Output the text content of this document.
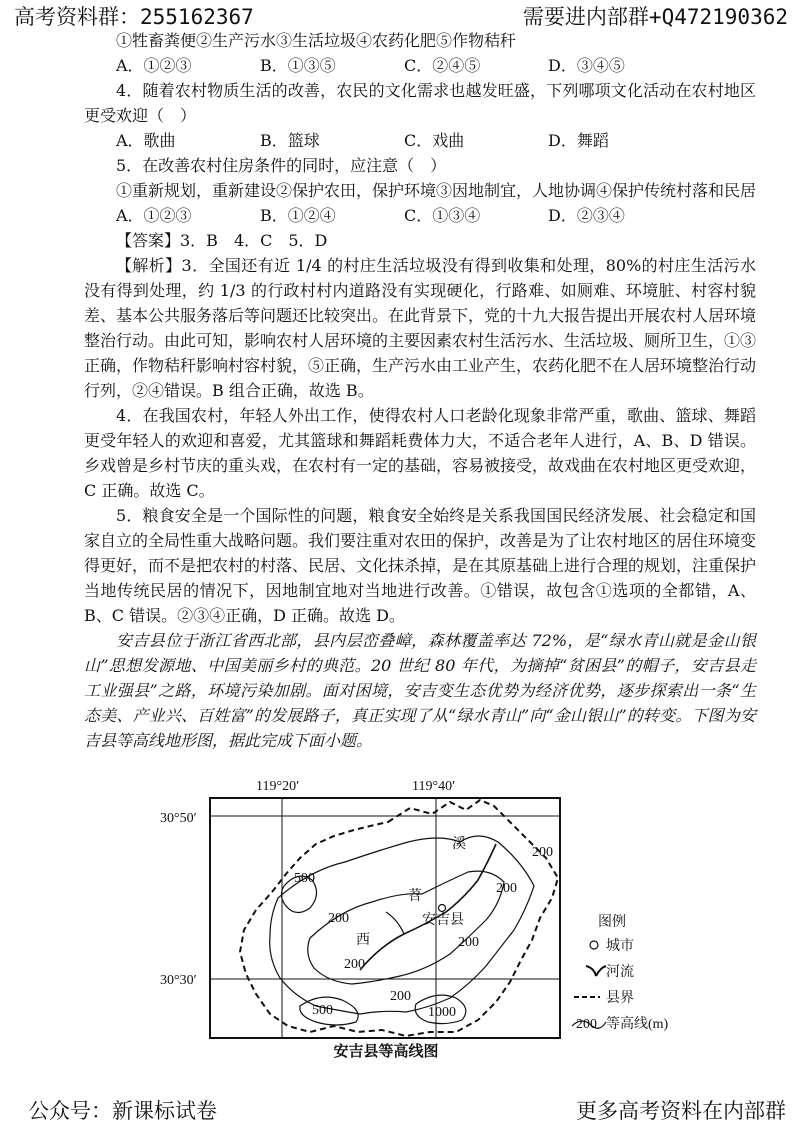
高考资料群：255162367	需要进内部群+Q472190362

①牲畜粪便②生产污水③生活垃圾④农药化肥⑤作物秸秆

A．①②③	B．①③⑤	C．②④⑤	D．③④⑤

4．随着农村物质生活的改善，农民的文化需求也越发旺盛，下列哪项文化活动在农村地区更受欢迎（　）

A．歌曲	B．篮球	C．戏曲	D．舞蹈

5．在改善农村住房条件的同时，应注意（　）

①重新规划，重新建设②保护农田，保护环境③因地制宜，人地协调④保护传统村落和民居

A．①②③	B．①②④	C．①③④	D．②③④

【答案】3．B　4．C　5．D

【解析】3．全国还有近 1/4 的村庄生活垃圾没有得到收集和处理，80%的村庄生活污水没有得到处理，约 1/3 的行政村村内道路没有实现硬化，行路难、如厕难、环境脏、村容村貌差、基本公共服务落后等问题还比较突出。在此背景下，党的十九大报告提出开展农村人居环境整治行动。由此可知，影响农村人居环境的主要因素农村生活污水、生活垃圾、厕所卫生，①③正确，作物秸秆影响村容村貌，⑤正确，生产污水由工业产生，农药化肥不在人居环境整治行动行列，②④错误。B 组合正确，故选 B。

4．在我国农村，年轻人外出工作，使得农村人口老龄化现象非常严重，歌曲、篮球、舞蹈更受年轻人的欢迎和喜爱，尤其篮球和舞蹈耗费体力大，不适合老年人进行，A、B、D 错误。乡戏曾是乡村节庆的重头戏，在农村有一定的基础，容易被接受，故戏曲在农村地区更受欢迎，C 正确。故选 C。

5．粮食安全是一个国际性的问题，粮食安全始终是关系我国国民经济发展、社会稳定和国家自立的全局性重大战略问题。我们要注重对农田的保护，改善是为了让农村地区的居住环境变得更好，而不是把农村的村落、民居、文化抹杀掉，是在其原基础上进行合理的规划，注重保护当地传统民居的情况下，因地制宜地对当地进行改善。①错误，故包含①选项的全都错，A、B、C 错误。②③④正确，D 正确。故选 D。

安吉县位于浙江省西北部，县内层峦叠嶂，森林覆盖率达 72%，是“绿水青山就是金山银山”思想发源地、中国美丽乡村的典范。20 世纪 80 年代，为摘掉“贫困县”的帽子，安吉县走工业强县”之路，环境污染加剧。面对困境，安吉变生态优势为经济优势，逐步探索出一条“生态美、产业兴、百姓富”的发展路子，真正实现了从“绿水青山”向“金山银山”的转变。下图为安吉县等高线地形图，据此完成下面小题。

119°20′	119°40′
30°50′
30°30′
溪
苕
西
安吉县
500
200
200
200
200
200
200
500	1000
图例
城市
河流
县界
200 等高线(m)
安吉县等高线图
公众号：新课标试卷	更多高考资料在内部群
